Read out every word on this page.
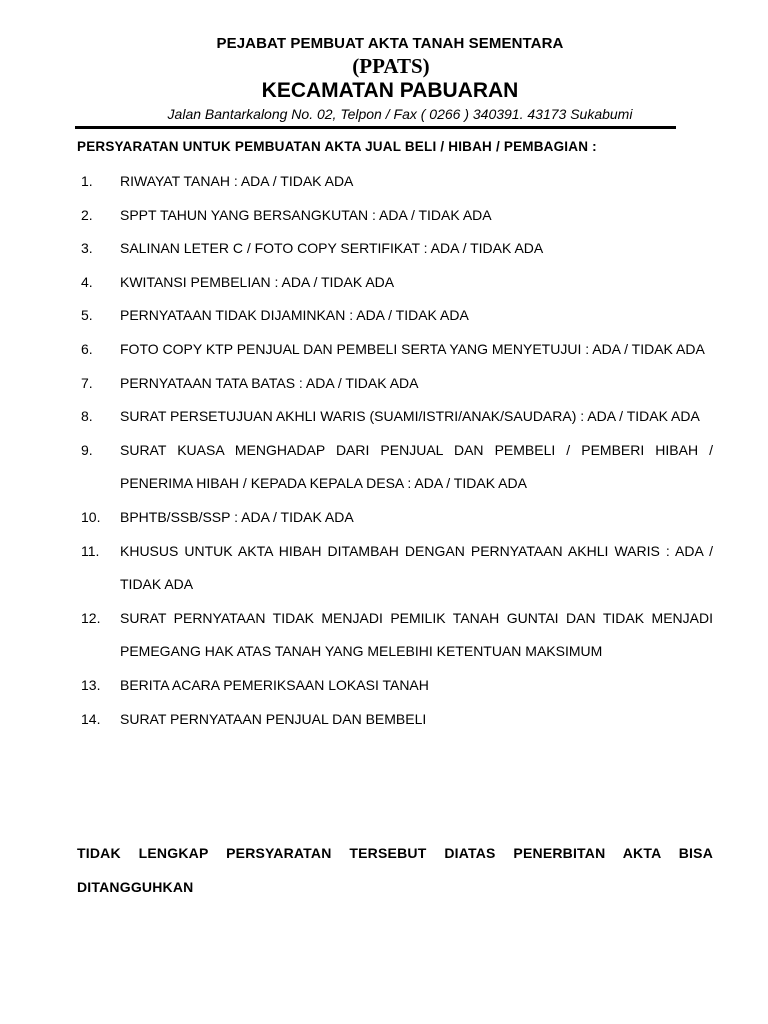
PEJABAT PEMBUAT AKTA TANAH SEMENTARA
(PPATS)
KECAMATAN PABUARAN
Jalan Bantarkalong No. 02, Telpon / Fax ( 0266 ) 340391. 43173 Sukabumi
PERSYARATAN UNTUK PEMBUATAN AKTA JUAL BELI / HIBAH / PEMBAGIAN :
1.	RIWAYAT TANAH : ADA / TIDAK ADA
2.	SPPT TAHUN YANG BERSANGKUTAN : ADA / TIDAK ADA
3.	SALINAN LETER C / FOTO COPY SERTIFIKAT : ADA / TIDAK ADA
4.	KWITANSI PEMBELIAN : ADA / TIDAK ADA
5.	PERNYATAAN TIDAK DIJAMINKAN : ADA / TIDAK ADA
6.	FOTO COPY KTP PENJUAL DAN PEMBELI SERTA YANG MENYETUJUI : ADA / TIDAK ADA
7.	PERNYATAAN TATA BATAS : ADA / TIDAK ADA
8.	SURAT PERSETUJUAN AKHLI WARIS (SUAMI/ISTRI/ANAK/SAUDARA) : ADA / TIDAK ADA
9.	SURAT KUASA MENGHADAP DARI PENJUAL DAN PEMBELI / PEMBERI HIBAH / PENERIMA HIBAH / KEPADA KEPALA DESA : ADA / TIDAK ADA
10.	BPHTB/SSB/SSP : ADA / TIDAK ADA
11.	KHUSUS UNTUK AKTA HIBAH DITAMBAH DENGAN PERNYATAAN AKHLI WARIS : ADA / TIDAK ADA
12.	SURAT PERNYATAAN TIDAK MENJADI PEMILIK TANAH GUNTAI DAN TIDAK MENJADI PEMEGANG HAK ATAS TANAH YANG MELEBIHI KETENTUAN MAKSIMUM
13.	BERITA ACARA PEMERIKSAAN LOKASI TANAH
14.	SURAT PERNYATAAN PENJUAL DAN BEMBELI
TIDAK LENGKAP PERSYARATAN TERSEBUT DIATAS PENERBITAN AKTA BISA DITANGGUHKAN
